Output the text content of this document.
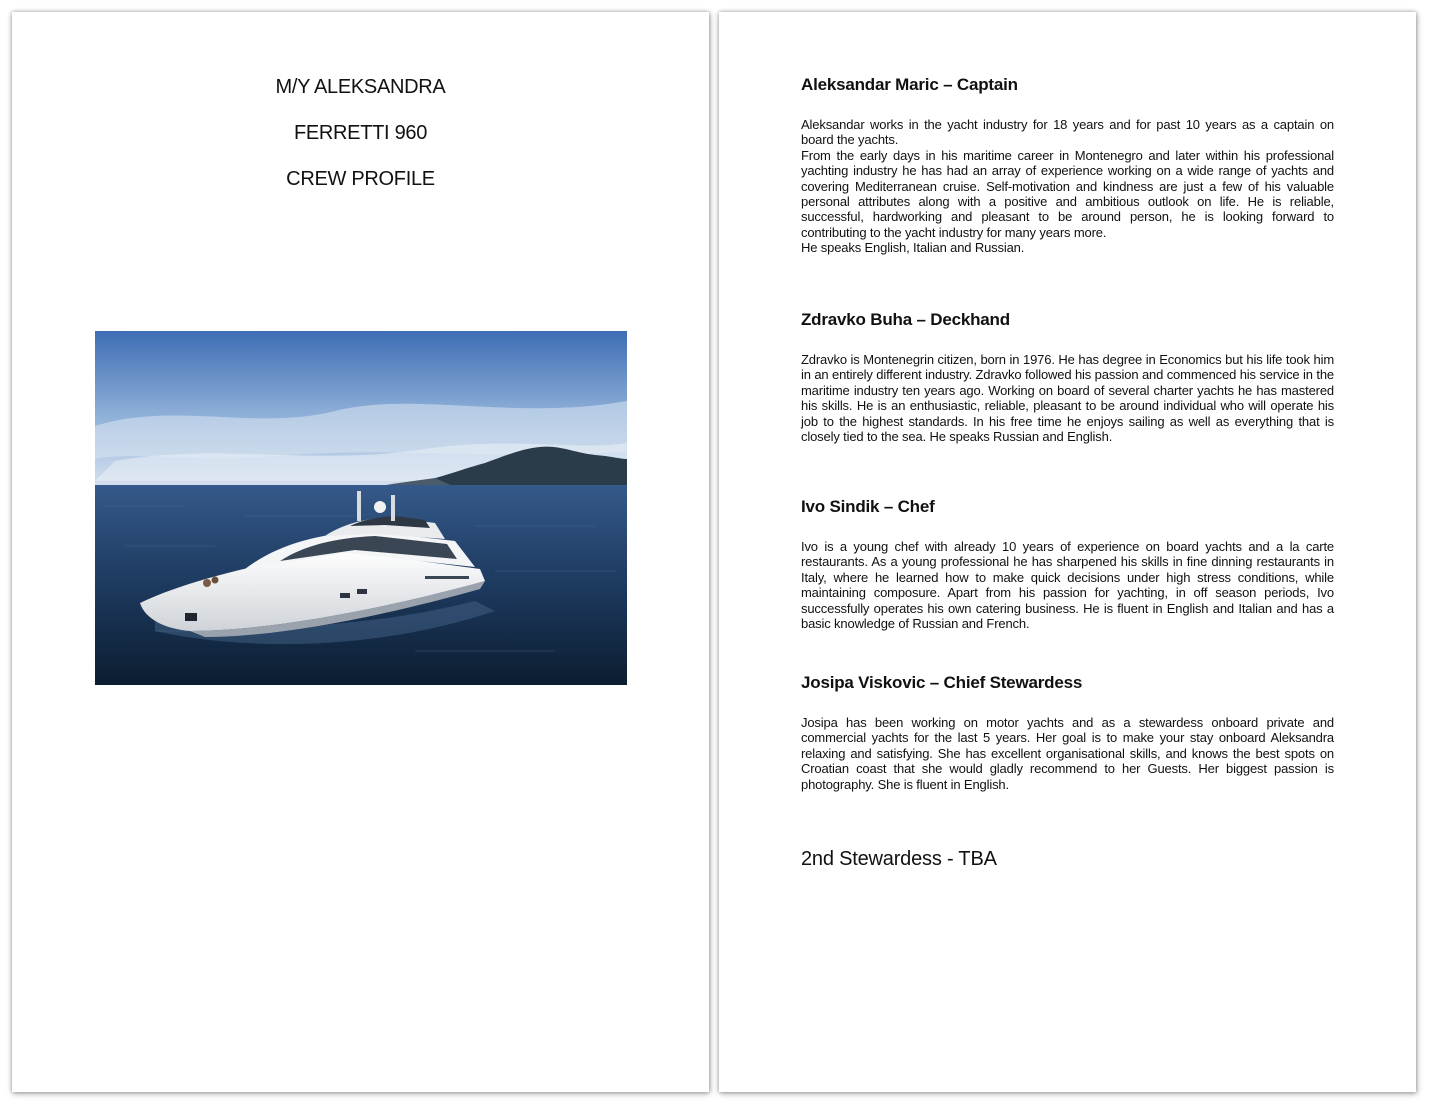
M/Y ALEKSANDRA
FERRETTI 960
CREW PROFILE
Aleksandar Maric – Captain

Aleksandar works in the yacht industry for 18 years and for past 10 years as a captain on board the yachts.

From the early days in his maritime career in Montenegro and later within his professional yachting industry he has had an array of experience working on a wide range of yachts and covering Mediterranean cruise. Self-motivation and kindness are just a few of his valuable personal attributes along with a positive and ambitious outlook on life. He is reliable, successful, hardworking and pleasant to be around person, he is looking forward to contributing to the yacht industry for many years more.

He speaks English, Italian and Russian.

Zdravko Buha – Deckhand

Zdravko is Montenegrin citizen, born in 1976. He has degree in Economics but his life took him in an entirely different industry. Zdravko followed his passion and commenced his service in the maritime industry ten years ago. Working on board of several charter yachts he has mastered his skills. He is an enthusiastic, reliable, pleasant to be around individual who will operate his job to the highest standards. In his free time he enjoys sailing as well as everything that is closely tied to the sea. He speaks Russian and English.

Ivo Sindik – Chef

Ivo is a young chef with already 10 years of experience on board yachts and a la carte restaurants. As a young professional he has sharpened his skills in fine dinning restaurants in Italy, where he learned how to make quick decisions under high stress conditions, while maintaining composure. Apart from his passion for yachting, in off season periods, Ivo successfully operates his own catering business. He is fluent in English and Italian and has a basic knowledge of Russian and French.

Josipa Viskovic – Chief Stewardess

Josipa has been working on motor yachts and as a stewardess onboard private and commercial yachts for the last 5 years. Her goal is to make your stay onboard Aleksandra relaxing and satisfying. She has excellent organisational skills, and knows the best spots on Croatian coast that she would gladly recommend to her Guests. Her biggest passion is photography. She is fluent in English.

2nd Stewardess - TBA
